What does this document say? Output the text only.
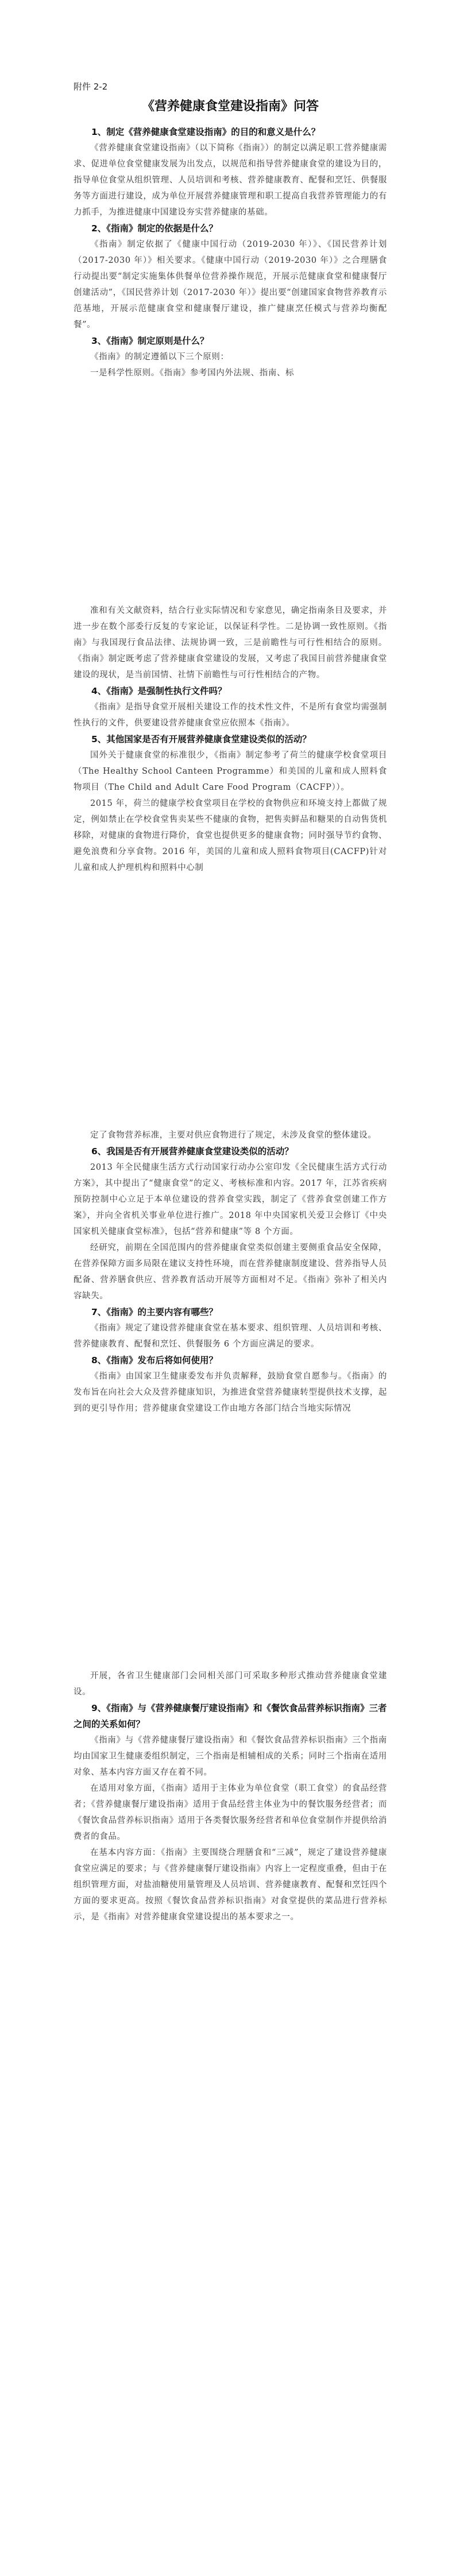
附件 2-2

《营养健康食堂建设指南》问答

1、制定《营养健康食堂建设指南》的目的和意义是什么？

《营养健康食堂建设指南》（以下简称《指南》）的制定以满足职工营养健康需求、促进单位食堂健康发展为出发点，以规范和指导营养健康食堂的建设为目的，指导单位食堂从组织管理、人员培训和考核、营养健康教育、配餐和烹饪、供餐服务等方面进行建设，成为单位开展营养健康管理和职工提高自我营养管理能力的有力抓手，为推进健康中国建设夯实营养健康的基础。

2、《指南》制定的依据是什么？

《指南》制定依据了《健康中国行动（2019-2030 年）》、《国民营养计划（2017-2030 年）》相关要求。《健康中国行动（2019-2030 年）》之合理膳食行动提出要“制定实施集体供餐单位营养操作规范，开展示范健康食堂和健康餐厅创建活动”，《国民营养计划（2017-2030 年）》提出要“创建国家食物营养教育示范基地，开展示范健康食堂和健康餐厅建设，推广健康烹任模式与营养均衡配餐”。

3、《指南》制定原则是什么？

《指南》的制定遵循以下三个原则：

一是科学性原则。《指南》参考国内外法规、指南、标

准和有关文献资料，结合行业实际情况和专家意见，确定指南条目及要求，并进一步在数个部委行反复的专家论证，以保证科学性。二是协调一致性原则。《指南》与我国现行食品法律、法规协调一致，三是前瞻性与可行性相结合的原则。《指南》制定既考虑了营养健康食堂建设的发展，又考虑了我国目前营养健康食堂建设的现状，是当前国情、社情下前瞻性与可行性相结合的产物。

4、《指南》是强制性执行文件吗？

《指南》是指导食堂开展相关建设工作的技术性文件，不是所有食堂均需强制性执行的文件，供要建设营养健康食堂应依照本《指南》。

5、其他国家是否有开展营养健康食堂建设类似的活动？

国外关于健康食堂的标准很少，《指南》制定参考了荷兰的健康学校食堂项目（The Healthy School Canteen Programme）和美国的儿童和成人照料食物项目（The Child and Adult Care Food Program（CACFP））。

2015 年，荷兰的健康学校食堂项目在学校的食物供应和环境支持上都做了规定，例如禁止在学校食堂售卖某些不健康的食物，把售卖鲜品和糖果的自动售货机移除，对健康的食物进行降价，食堂也提供更多的健康食物；同时强导节约食物、避免浪费和分享食物。2016 年，美国的儿童和成人照料食物项目(CACFP)针对儿童和成人护理机构和照料中心制

定了食物营养标准，主要对供应食物进行了规定，未涉及食堂的整体建设。

6、我国是否有开展营养健康食堂建设类似的活动？

2013 年全民健康生活方式行动国家行动办公室印发《全民健康生活方式行动方案》，其中提出了“健康食堂”的定义、考核标准和内容。2017 年，江苏省疾病预防控制中心立足于本单位建设的营养食堂实践，制定了《营养食堂创建工作方案》，并向全省机关事业单位进行推广。2018 年中央国家机关爱卫会修订《中央国家机关健康食堂标准》，包括“营养和健康”等 8 个方面。

经研究，前期在全国范围内的营养健康食堂类似创建主要侧重食品安全保障，在营养保障方面多局限在建议支持性环境，而在营养健康制度建设、营养指导人员配备、营养膳食供应、营养教育活动开展等方面相对不足。《指南》弥补了相关内容缺失。

7、《指南》的主要内容有哪些？

《指南》规定了建设营养健康食堂在基本要求、组织管理、人员培训和考核、营养健康教育、配餐和烹饪、供餐服务 6 个方面应满足的要求。

8、《指南》发布后将如何使用？

《指南》由国家卫生健康委发布并负责解释，鼓励食堂自愿参与。《指南》的发布旨在向社会大众及营养健康知识，为推进食堂营养健康转型提供技术支撑，起到的更引导作用；营养健康食堂建设工作由地方各部门结合当地实际情况

开展，各省卫生健康部门会同相关部门可采取多种形式推动营养健康食堂建设。

9、《指南》与《营养健康餐厅建设指南》和《餐饮食品营养标识指南》三者之间的关系如何？

《指南》与《营养健康餐厅建设指南》和《餐饮食品营养标识指南》三个指南均由国家卫生健康委组织制定，三个指南是相辅相成的关系；同时三个指南在适用对象、基本内容方面又存在着不同。

在适用对象方面，《指南》适用于主体业为单位食堂（职工食堂）的食品经营者；《营养健康餐厅建设指南》适用于食品经营主体业为中的餐饮服务经营者；而《餐饮食品营养标识指南》适用于各类餐饮服务经营者和单位食堂制作并提供给消费者的食品。

在基本内容方面：《指南》主要围绕合理膳食和“三减”，规定了建设营养健康食堂应满足的要求；与《营养健康餐厅建设指南》内容上一定程度重叠，但由于在组织管理方面，对盐油糖使用量管理及人员培训、营养健康教育、配餐和烹饪四个方面的要求更高。按照《餐饮食品营养标识指南》对食堂提供的菜品进行营养标示，是《指南》对营养健康食堂建设提出的基本要求之一。
